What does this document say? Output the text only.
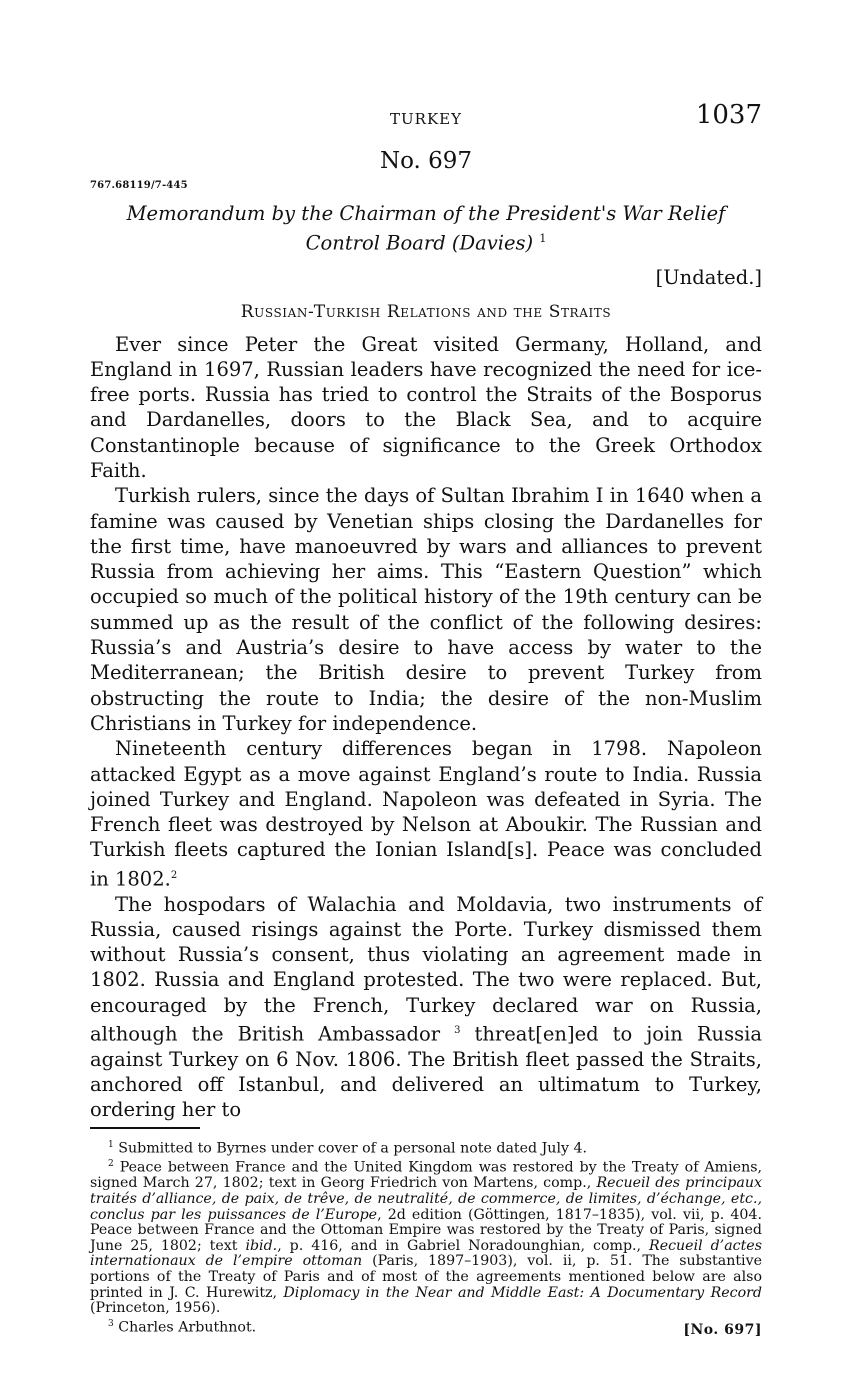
TURKEY	1037
No. 697
767.68119/7-445
Memorandum by the Chairman of the President's War Relief Control Board (Davies) $^1$
[Undated.]
Russian-Turkish Relations and the Straits

Ever since Peter the Great visited Germany, Holland, and England in 1697, Russian leaders have recognized the need for ice-free ports. Russia has tried to control the Straits of the Bosporus and Dardanelles, doors to the Black Sea, and to acquire Constantinople because of significance to the Greek Orthodox Faith.

Turkish rulers, since the days of Sultan Ibrahim I in 1640 when a famine was caused by Venetian ships closing the Dardanelles for the first time, have manoeuvred by wars and alliances to prevent Russia from achieving her aims. This “Eastern Question” which occupied so much of the political history of the 19th century can be summed up as the result of the conflict of the following desires: Russia’s and Austria’s desire to have access by water to the Mediterranean; the British desire to prevent Turkey from obstructing the route to India; the desire of the non-Muslim Christians in Turkey for independence.

Nineteenth century differences began in 1798. Napoleon attacked Egypt as a move against England’s route to India. Russia joined Turkey and England. Napoleon was defeated in Syria. The French fleet was destroyed by Nelson at Aboukir. The Russian and Turkish fleets captured the Ionian Island[s]. Peace was concluded in 1802.$^2$

The hospodars of Walachia and Moldavia, two instruments of Russia, caused risings against the Porte. Turkey dismissed them without Russia’s consent, thus violating an agreement made in 1802. Russia and England protested. The two were replaced. But, encouraged by the French, Turkey declared war on Russia, although the British Ambassador $^3$ threat[en]ed to join Russia against Turkey on 6 Nov. 1806. The British fleet passed the Straits, anchored off Istanbul, and delivered an ultimatum to Turkey, ordering her to

$^1$ Submitted to Byrnes under cover of a personal note dated July 4.

$^2$ Peace between France and the United Kingdom was restored by the Treaty of Amiens, signed March 27, 1802; text in Georg Friedrich von Martens, comp., Recueil des principaux traités d’alliance, de paix, de trêve, de neutralité, de commerce, de limites, d’échange, etc., conclus par les puissances de l’Europe, 2d edition (Göttingen, 1817–1835), vol. vii, p. 404. Peace between France and the Ottoman Empire was restored by the Treaty of Paris, signed June 25, 1802; text ibid., p. 416, and in Gabriel Noradounghian, comp., Recueil d’actes internationaux de l’empire ottoman (Paris, 1897–1903), vol. ii, p. 51. The substantive portions of the Treaty of Paris and of most of the agreements mentioned below are also printed in J. C. Hurewitz, Diplomacy in the Near and Middle East: A Documentary Record (Princeton, 1956).

$^3$ Charles Arbuthnot.	[No. 697]
